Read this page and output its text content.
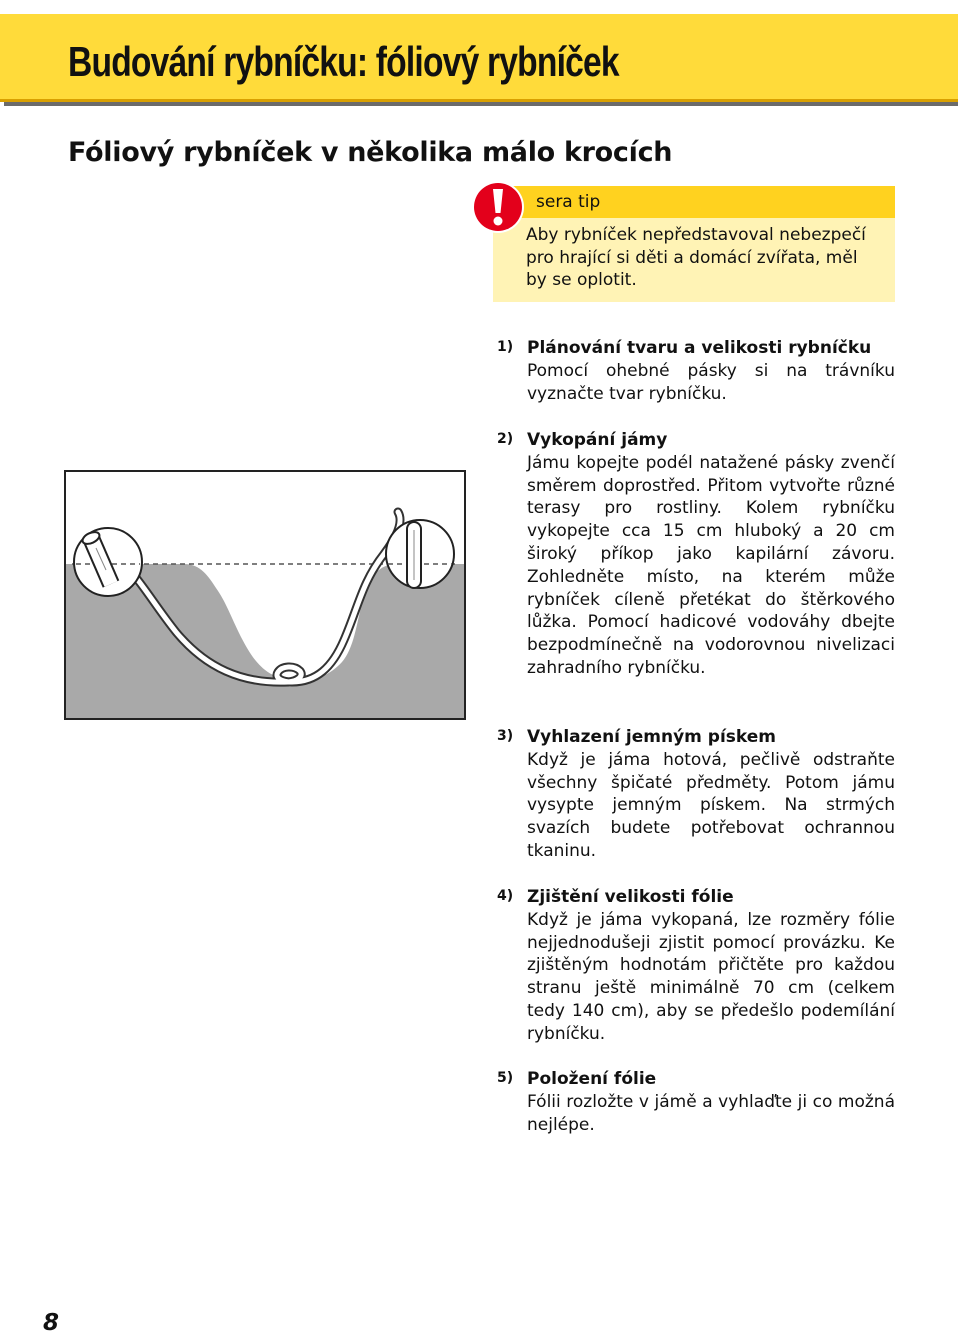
Budování rybníčku: fóliový rybníček
Fóliový rybníček v několika málo krocích
sera tip

Aby rybníček nepředstavoval nebezpečí pro hrající si děti a domácí zvířata, měl by se oplotit.

1) Plánování tvaru a velikosti rybníčku
Pomocí ohebné pásky si na trávníku vyznačte tvar rybníčku.
2) Vykopání jámy
Jámu kopejte podél natažené pásky zvenčí směrem doprostřed. Přitom vytvořte různé terasy pro rostliny. Kolem rybníčku vykopejte cca 15 cm hluboký a 20 cm široký příkop jako kapilární závoru. Zohledněte místo, na kterém může rybníček cíleně přetékat do štěrkového lůžka. Pomocí hadicové vodováhy dbejte bezpodmínečně na vodorovnou nivelizaci zahradního rybníčku.
3) Vyhlazení jemným pískem
Když je jáma hotová, pečlivě odstraňte všechny špičaté předměty. Potom jámu vysypte jemným pískem. Na strmých svazích budete potřebovat ochrannou tkaninu.
4) Zjištění velikosti fólie
Když je jáma vykopaná, lze rozměry fólie nejjednodušeji zjistit pomocí provázku. Ke zjištěným hodnotám přičtěte pro každou stranu ještě minimálně 70 cm (celkem tedy 140 cm), aby se předešlo podemílání rybníčku.
5) Položení fólie
Fólii rozložte v jámě a vyhlaďte ji co možná nejlépe.
8
